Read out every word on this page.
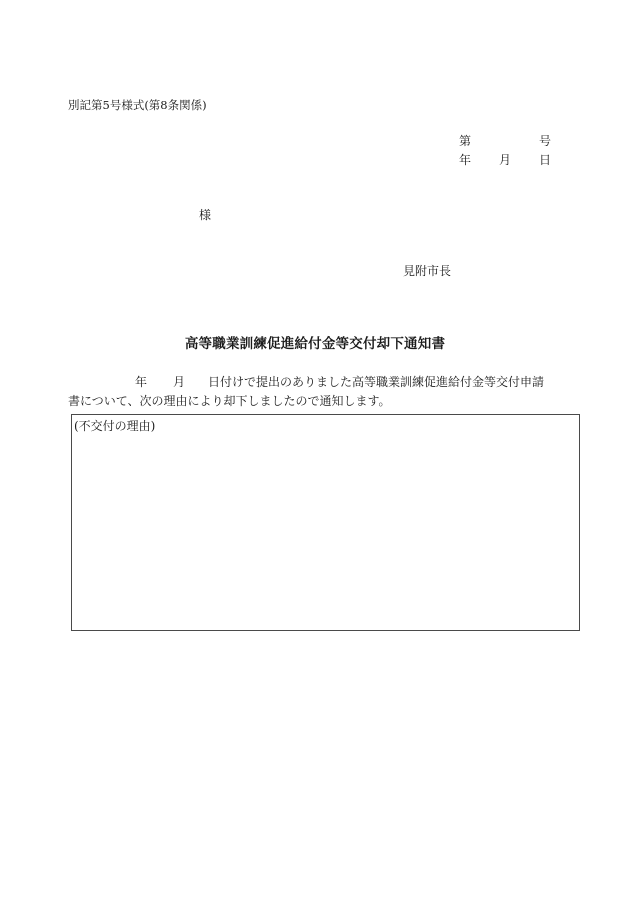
別記第5号様式(第8条関係)
第	号
年 月 日
様
見附市長
高等職業訓練促進給付金等交付却下通知書
年 月 日付けで提出のありました高等職業訓練促進給付金等交付申請
書について、次の理由により却下しましたので通知します。
(不交付の理由)
